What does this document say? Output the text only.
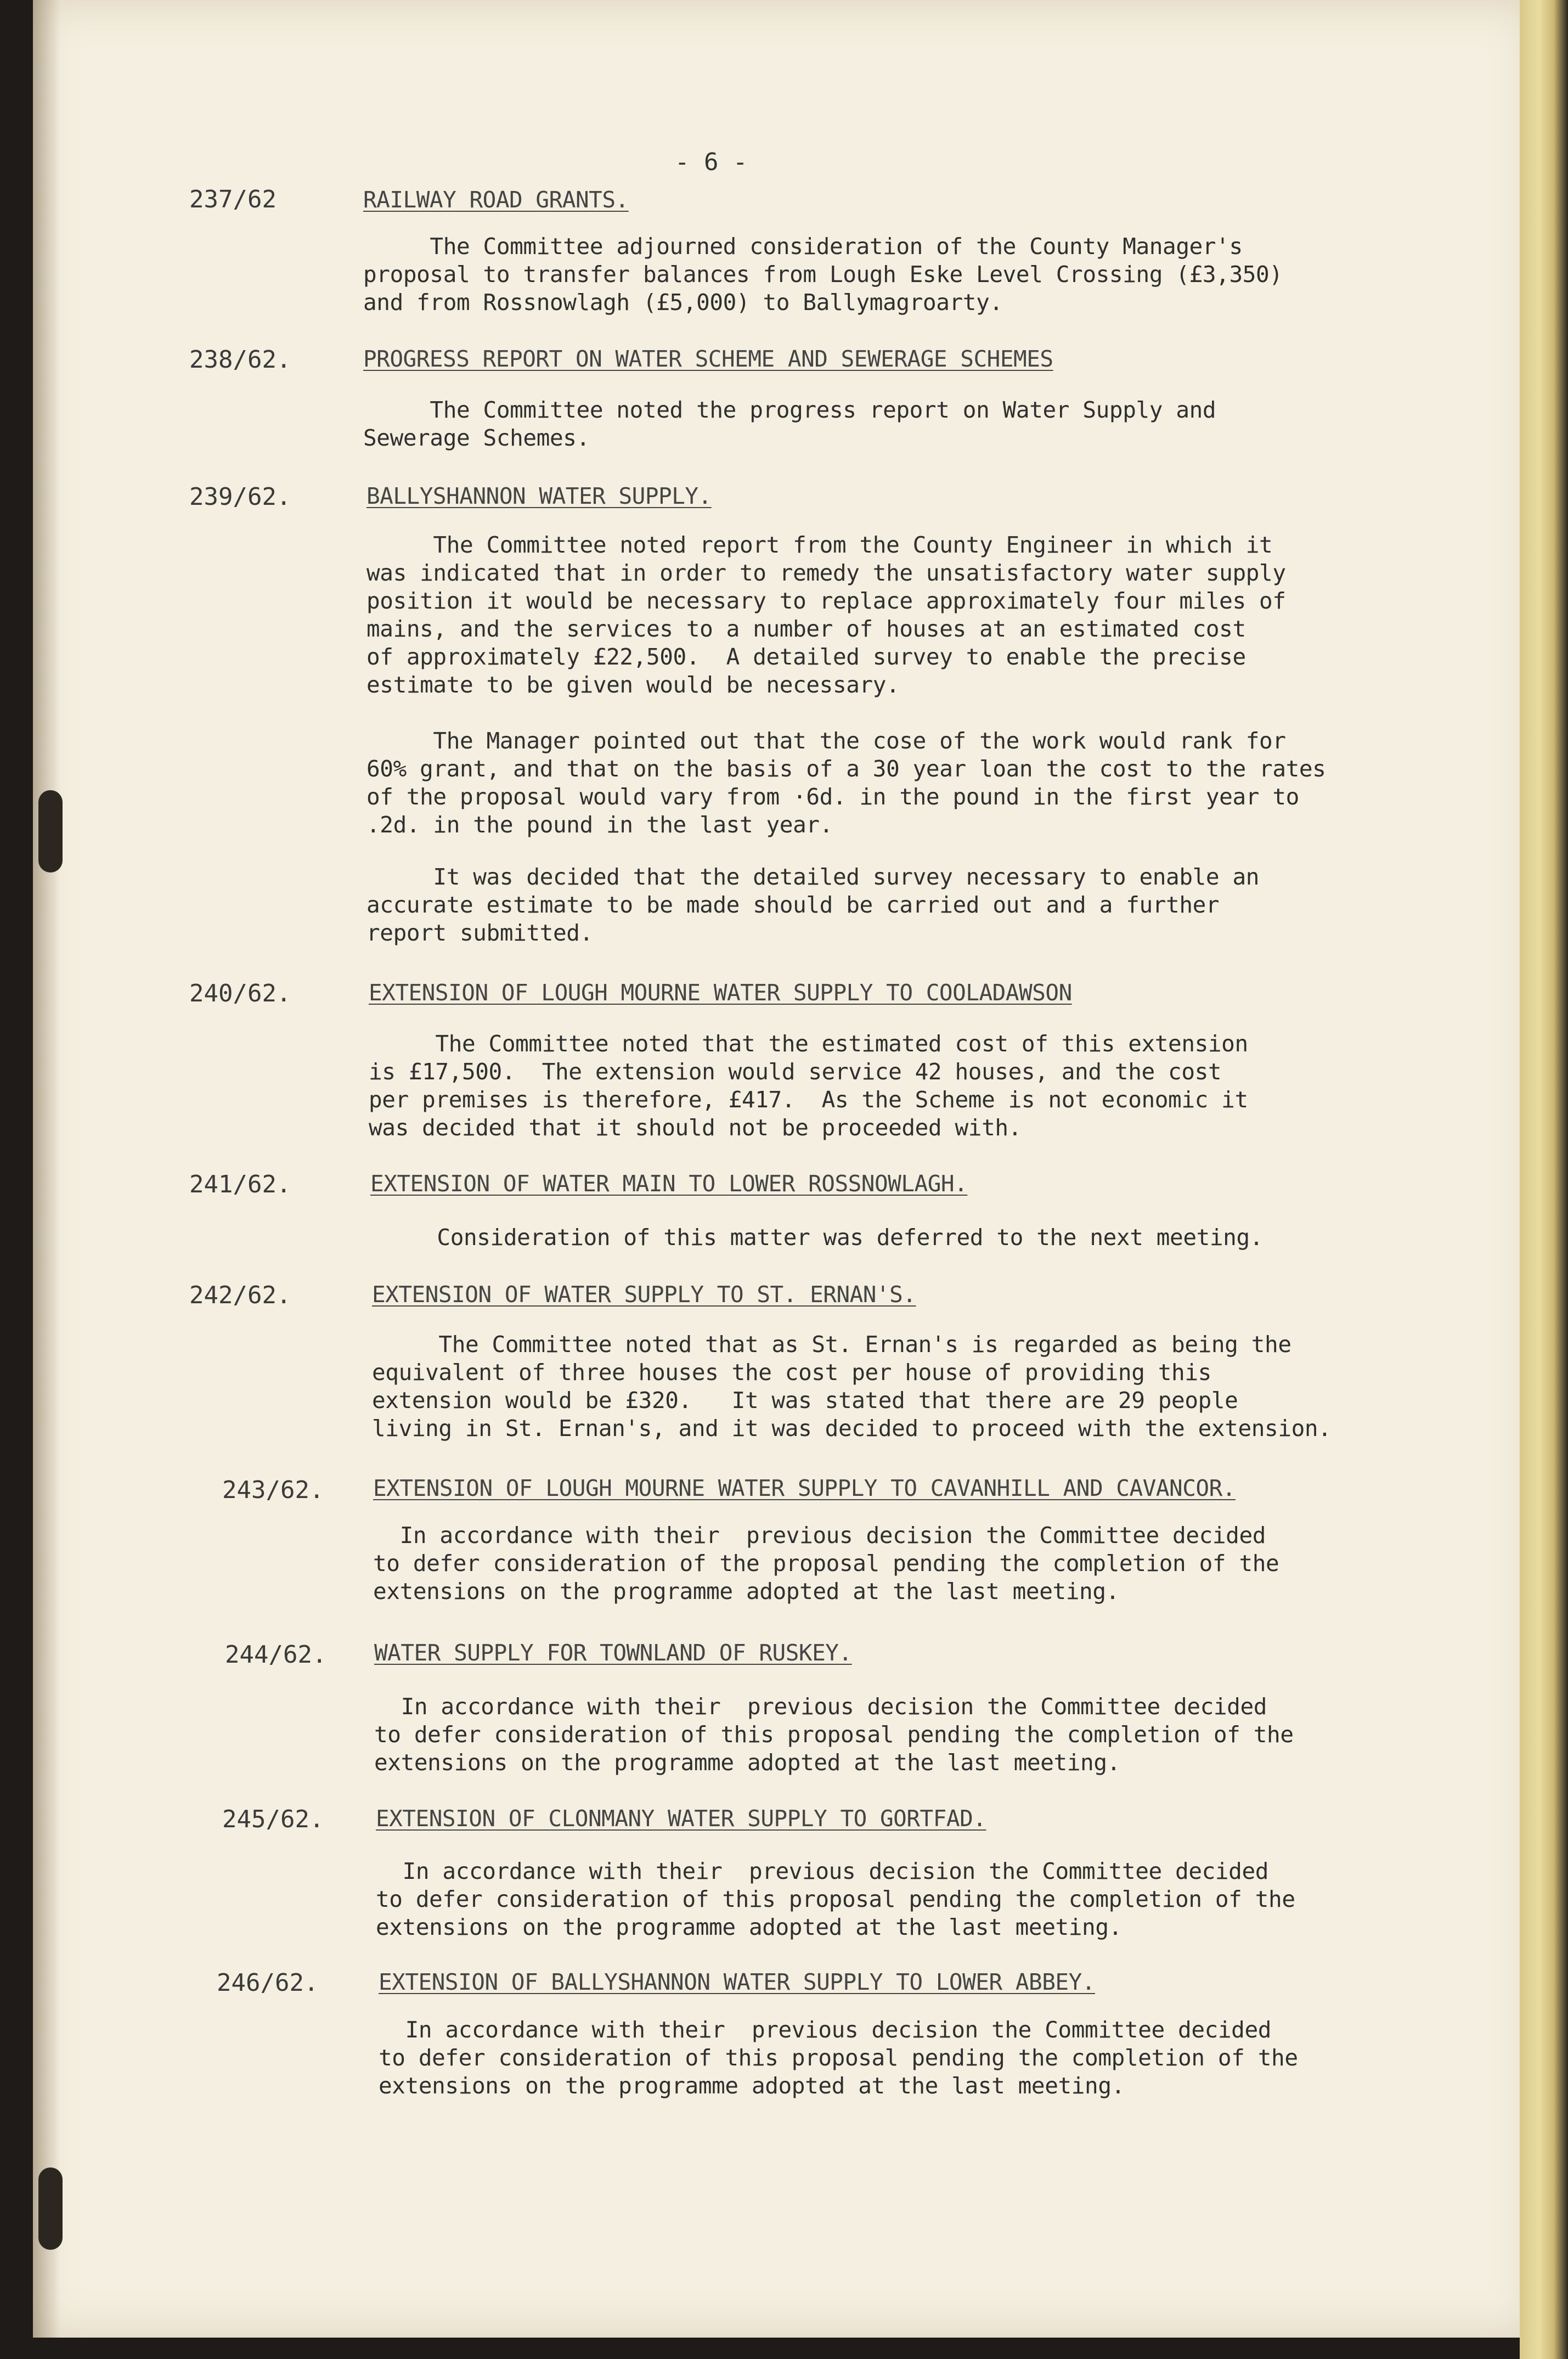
- 6 -
237/62	RAILWAY ROAD GRANTS.
The Committee adjourned consideration of the County Manager's
proposal to transfer balances from Lough Eske Level Crossing (£3,350)
and from Rossnowlagh (£5,000) to Ballymagroarty.
238/62.	PROGRESS REPORT ON WATER SCHEME AND SEWERAGE SCHEMES
The Committee noted the progress report on Water Supply and
Sewerage Schemes.
239/62.	BALLYSHANNON WATER SUPPLY.
The Committee noted report from the County Engineer in which it
was indicated that in order to remedy the unsatisfactory water supply
position it would be necessary to replace approximately four miles of
mains, and the services to a number of houses at an estimated cost
of approximately £22,500.  A detailed survey to enable the precise
estimate to be given would be necessary.
The Manager pointed out that the cose of the work would rank for
60% grant, and that on the basis of a 30 year loan the cost to the rates
of the proposal would vary from ·6d. in the pound in the first year to
.2d. in the pound in the last year.
It was decided that the detailed survey necessary to enable an
accurate estimate to be made should be carried out and a further
report submitted.
240/62.	EXTENSION OF LOUGH MOURNE WATER SUPPLY TO COOLADAWSON
The Committee noted that the estimated cost of this extension
is £17,500.  The extension would service 42 houses, and the cost
per premises is therefore, £417.  As the Scheme is not economic it
was decided that it should not be proceeded with.
241/62.	EXTENSION OF WATER MAIN TO LOWER ROSSNOWLAGH.
Consideration of this matter was deferred to the next meeting.
242/62.	EXTENSION OF WATER SUPPLY TO ST. ERNAN'S.
The Committee noted that as St. Ernan's is regarded as being the
equivalent of three houses the cost per house of providing this
extension would be £320.   It was stated that there are 29 people
living in St. Ernan's, and it was decided to proceed with the extension.
243/62. EXTENSION OF LOUGH MOURNE WATER SUPPLY TO CAVANHILL AND CAVANCOR.
In accordance with their  previous decision the Committee decided
to defer consideration of the proposal pending the completion of the
extensions on the programme adopted at the last meeting.
244/62. WATER SUPPLY FOR TOWNLAND OF RUSKEY.
In accordance with their  previous decision the Committee decided
to defer consideration of this proposal pending the completion of the
extensions on the programme adopted at the last meeting.
245/62. EXTENSION OF CLONMANY WATER SUPPLY TO GORTFAD.
In accordance with their  previous decision the Committee decided
to defer consideration of this proposal pending the completion of the
extensions on the programme adopted at the last meeting.
246/62.	EXTENSION OF BALLYSHANNON WATER SUPPLY TO LOWER ABBEY.
In accordance with their  previous decision the Committee decided
to defer consideration of this proposal pending the completion of the
extensions on the programme adopted at the last meeting.
